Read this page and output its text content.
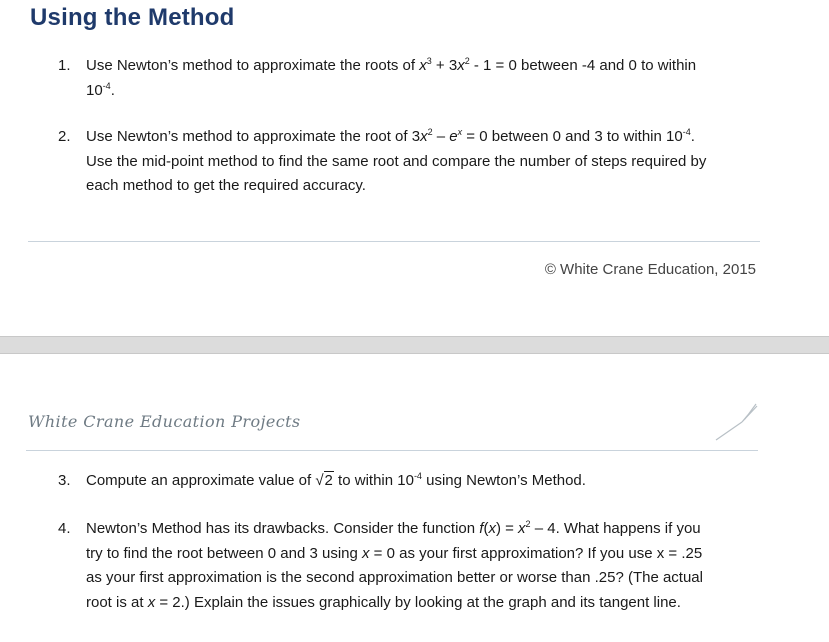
Using the Method
1.	Use Newton’s method to approximate the roots of $x^3 + 3x^2 - 1 = 0$ between -4 and 0 to within
$10^{-4}$.
2.	Use Newton’s method to approximate the root of $3x^2 - e^x = 0$ between 0 and 3 to within $10^{-4}$.
Use the mid-point method to find the same root and compare the number of steps required by
each method to get the required accuracy.
© White Crane Education, 2015
White Crane Education Projects
3.	Compute an approximate value of √2 to within $10^{-4}$ using Newton’s Method.
4.	Newton’s Method has its drawbacks. Consider the function $f(x) = x^2 - 4$. What happens if you
try to find the root between 0 and 3 using x = 0 as your first approximation? If you use x = .25
as your first approximation is the second approximation better or worse than .25? (The actual
root is at x = 2.) Explain the issues graphically by looking at the graph and its tangent line.
